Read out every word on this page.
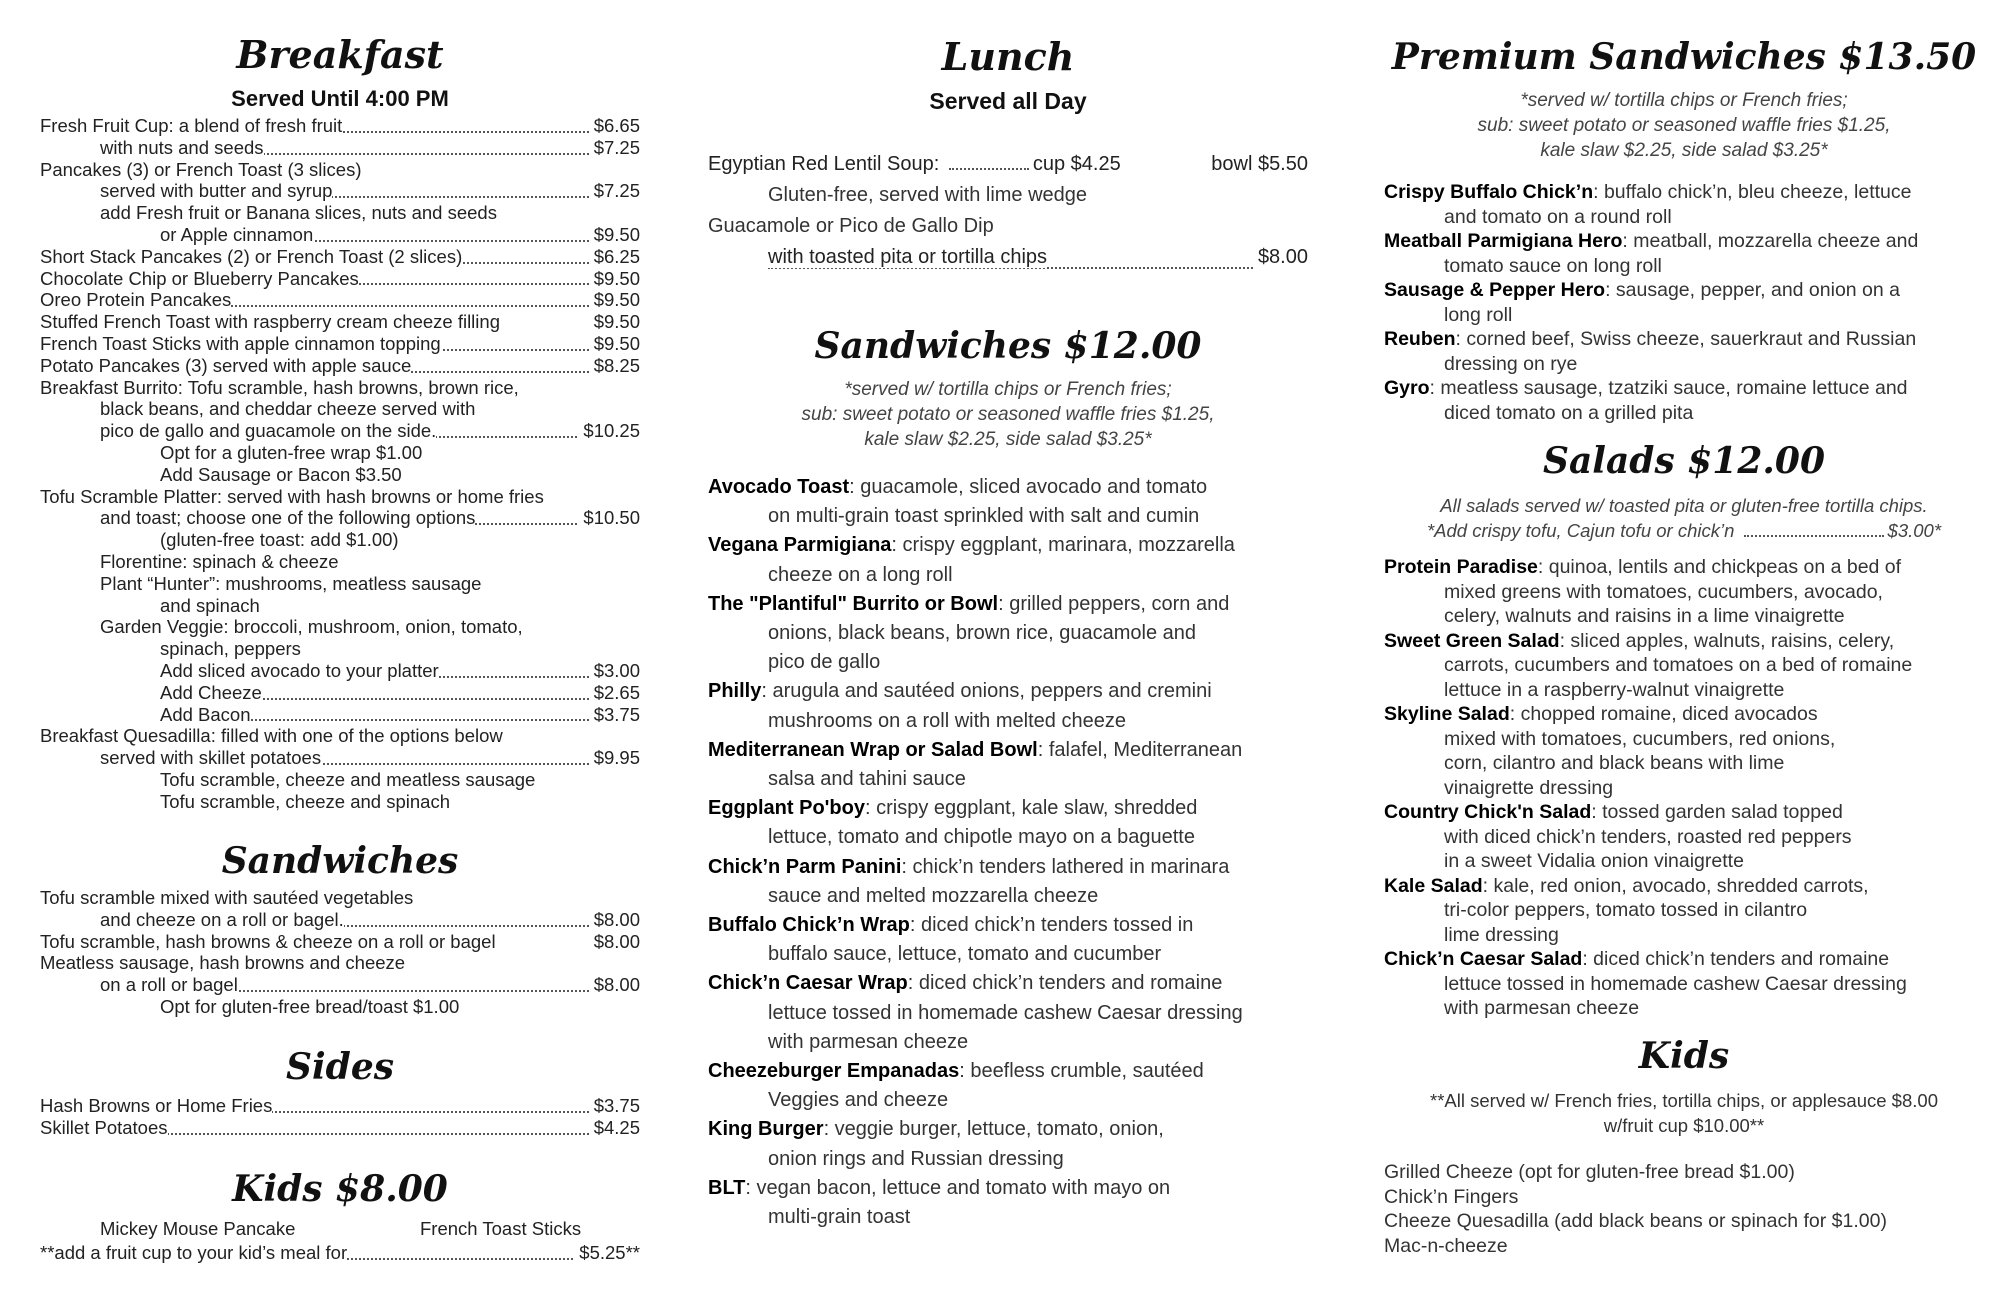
Breakfast
Served Until 4:00 PM
Fresh Fruit Cup: a blend of fresh fruit	$6.65
with nuts and seeds	$7.25
Pancakes (3) or French Toast (3 slices)
served with butter and syrup	$7.25
add Fresh fruit or Banana slices, nuts and seeds
or Apple cinnamon	$9.50
Short Stack Pancakes (2) or French Toast (2 slices)	$6.25
Chocolate Chip or Blueberry Pancakes	$9.50
Oreo Protein Pancakes	$9.50
Stuffed French Toast with raspberry cream cheeze filling	$9.50
French Toast Sticks with apple cinnamon topping	$9.50
Potato Pancakes (3) served with apple sauce	$8.25
Breakfast Burrito: Tofu scramble, hash browns, brown rice,
black beans, and cheddar cheeze served with
pico de gallo and guacamole on the side.	$10.25
Opt for a gluten-free wrap $1.00
Add Sausage or Bacon $3.50
Tofu Scramble Platter: served with hash browns or home fries
and toast; choose one of the following options	$10.50
(gluten-free toast: add $1.00)
Florentine: spinach & cheeze
Plant “Hunter”: mushrooms, meatless sausage
and spinach
Garden Veggie: broccoli, mushroom, onion, tomato,
spinach, peppers
Add sliced avocado to your platter	$3.00
Add Cheeze	$2.65
Add Bacon	$3.75
Breakfast Quesadilla: filled with one of the options below
served with skillet potatoes	$9.95
Tofu scramble, cheeze and meatless sausage
Tofu scramble, cheeze and spinach
Sandwiches
Tofu scramble mixed with sautéed vegetables
and cheeze on a roll or bagel.	$8.00
Tofu scramble, hash browns & cheeze on a roll or bagel	$8.00
Meatless sausage, hash browns and cheeze
on a roll or bagel	$8.00
Opt for gluten-free bread/toast $1.00
Sides
Hash Browns or Home Fries	$3.75
Skillet Potatoes	$4.25
Kids $8.00
Mickey Mouse Pancake	French Toast Sticks
**add a fruit cup to your kid’s meal for	$5.25**
Lunch
Served all Day
Egyptian Red Lentil Soup:	cup $4.25	bowl $5.50
Gluten-free, served with lime wedge
Guacamole or Pico de Gallo Dip
with toasted pita or tortilla chips	$8.00
Sandwiches $12.00
*served w/ tortilla chips or French fries;
sub: sweet potato or seasoned waffle fries $1.25,
kale slaw $2.25, side salad $3.25*
Avocado Toast: guacamole, sliced avocado and tomato
on multi-grain toast sprinkled with salt and cumin
Vegana Parmigiana: crispy eggplant, marinara, mozzarella
cheeze on a long roll
The "Plantiful" Burrito or Bowl: grilled peppers, corn and
onions, black beans, brown rice, guacamole and
pico de gallo
Philly: arugula and sautéed onions, peppers and cremini
mushrooms on a roll with melted cheeze
Mediterranean Wrap or Salad Bowl: falafel, Mediterranean
salsa and tahini sauce
Eggplant Po'boy: crispy eggplant, kale slaw, shredded
lettuce, tomato and chipotle mayo on a baguette
Chick’n Parm Panini: chick’n tenders lathered in marinara
sauce and melted mozzarella cheeze
Buffalo Chick’n Wrap: diced chick’n tenders tossed in
buffalo sauce, lettuce, tomato and cucumber
Chick’n Caesar Wrap: diced chick’n tenders and romaine
lettuce tossed in homemade cashew Caesar dressing
with parmesan cheeze
Cheezeburger Empanadas: beefless crumble, sautéed
Veggies and cheeze
King Burger: veggie burger, lettuce, tomato, onion,
onion rings and Russian dressing
BLT: vegan bacon, lettuce and tomato with mayo on
multi-grain toast
Premium Sandwiches $13.50
*served w/ tortilla chips or French fries;
sub: sweet potato or seasoned waffle fries $1.25,
kale slaw $2.25, side salad $3.25*
Crispy Buffalo Chick’n: buffalo chick’n, bleu cheeze, lettuce
and tomato on a round roll
Meatball Parmigiana Hero: meatball, mozzarella cheeze and
tomato sauce on long roll
Sausage & Pepper Hero: sausage, pepper, and onion on a
long roll
Reuben: corned beef, Swiss cheeze, sauerkraut and Russian
dressing on rye
Gyro: meatless sausage, tzatziki sauce, romaine lettuce and
diced tomato on a grilled pita
Salads $12.00
All salads served w/ toasted pita or gluten-free tortilla chips.
*Add crispy tofu, Cajun tofu or chick’n	$3.00*
Protein Paradise: quinoa, lentils and chickpeas on a bed of
mixed greens with tomatoes, cucumbers, avocado,
celery, walnuts and raisins in a lime vinaigrette
Sweet Green Salad: sliced apples, walnuts, raisins, celery,
carrots, cucumbers and tomatoes on a bed of romaine
lettuce in a raspberry-walnut vinaigrette
Skyline Salad: chopped romaine, diced avocados
mixed with tomatoes, cucumbers, red onions,
corn, cilantro and black beans with lime
vinaigrette dressing
Country Chick'n Salad: tossed garden salad topped
with diced chick’n tenders, roasted red peppers
in a sweet Vidalia onion vinaigrette
Kale Salad: kale, red onion, avocado, shredded carrots,
tri-color peppers, tomato tossed in cilantro
lime dressing
Chick’n Caesar Salad: diced chick’n tenders and romaine
lettuce tossed in homemade cashew Caesar dressing
with parmesan cheeze
Kids
**All served w/ French fries, tortilla chips, or applesauce $8.00
w/fruit cup $10.00**
Grilled Cheeze (opt for gluten-free bread $1.00)
Chick’n Fingers
Cheeze Quesadilla (add black beans or spinach for $1.00)
Mac-n-cheeze
